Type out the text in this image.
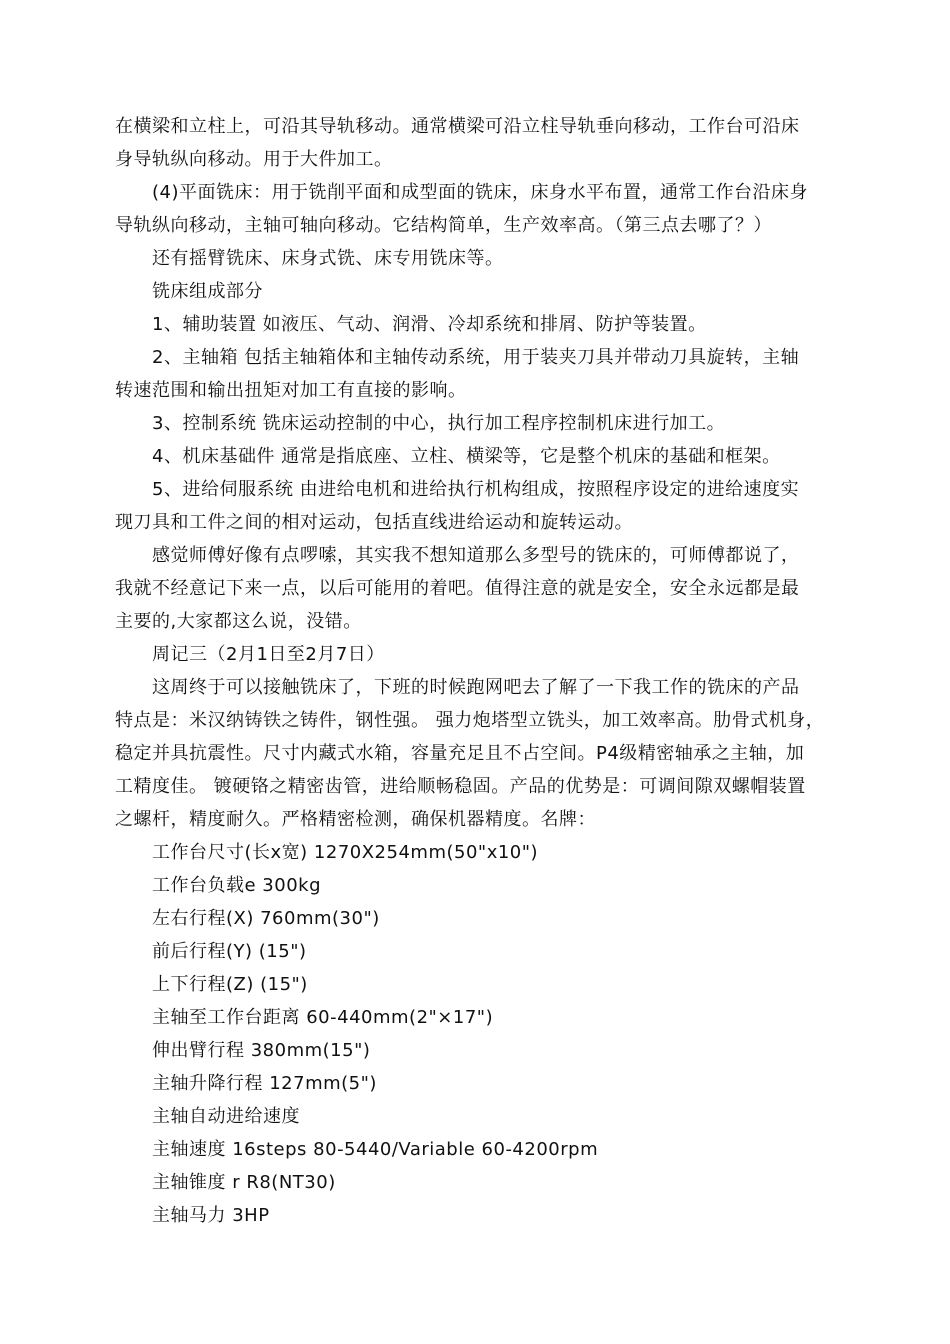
在横梁和立柱上，可沿其导轨移动。通常横梁可沿立柱导轨垂向移动，工作台可沿床
身导轨纵向移动。用于大件加工。
(4)平面铣床：用于铣削平面和成型面的铣床，床身水平布置，通常工作台沿床身
导轨纵向移动，主轴可轴向移动。它结构简单，生产效率高。（第三点去哪了？）
还有摇臂铣床、床身式铣、床专用铣床等。
铣床组成部分
1、辅助装置 如液压、气动、润滑、冷却系统和排屑、防护等装置。
2、主轴箱 包括主轴箱体和主轴传动系统，用于装夹刀具并带动刀具旋转，主轴
转速范围和输出扭矩对加工有直接的影响。
3、控制系统 铣床运动控制的中心，执行加工程序控制机床进行加工。
4、机床基础件 通常是指底座、立柱、横梁等，它是整个机床的基础和框架。
5、进给伺服系统 由进给电机和进给执行机构组成，按照程序设定的进给速度实
现刀具和工件之间的相对运动，包括直线进给运动和旋转运动。
感觉师傅好像有点啰嗦，其实我不想知道那么多型号的铣床的，可师傅都说了，
我就不经意记下来一点，以后可能用的着吧。值得注意的就是安全，安全永远都是最
主要的,大家都这么说，没错。
周记三（2月1日至2月7日）
这周终于可以接触铣床了，下班的时候跑网吧去了解了一下我工作的铣床的产品
特点是：米汉纳铸铁之铸件，钢性强。 强力炮塔型立铣头，加工效率高。肋骨式机身，
稳定并具抗震性。尺寸内藏式水箱，容量充足且不占空间。P4级精密轴承之主轴，加
工精度佳。 镀硬铬之精密齿管，进给顺畅稳固。产品的优势是：可调间隙双螺帽装置
之螺杆，精度耐久。严格精密检测，确保机器精度。名牌：
工作台尺寸(长x宽) 1270X254mm(50"x10")
工作台负载e 300kg
左右行程(X) 760mm(30")
前后行程(Y) (15")
上下行程(Z) (15")
主轴至工作台距离 60-440mm(2"×17")
伸出臂行程 380mm(15")
主轴升降行程 127mm(5")
主轴自动进给速度
主轴速度 16steps 80-5440/Variable 60-4200rpm
主轴锥度 r R8(NT30)
主轴马力 3HP
